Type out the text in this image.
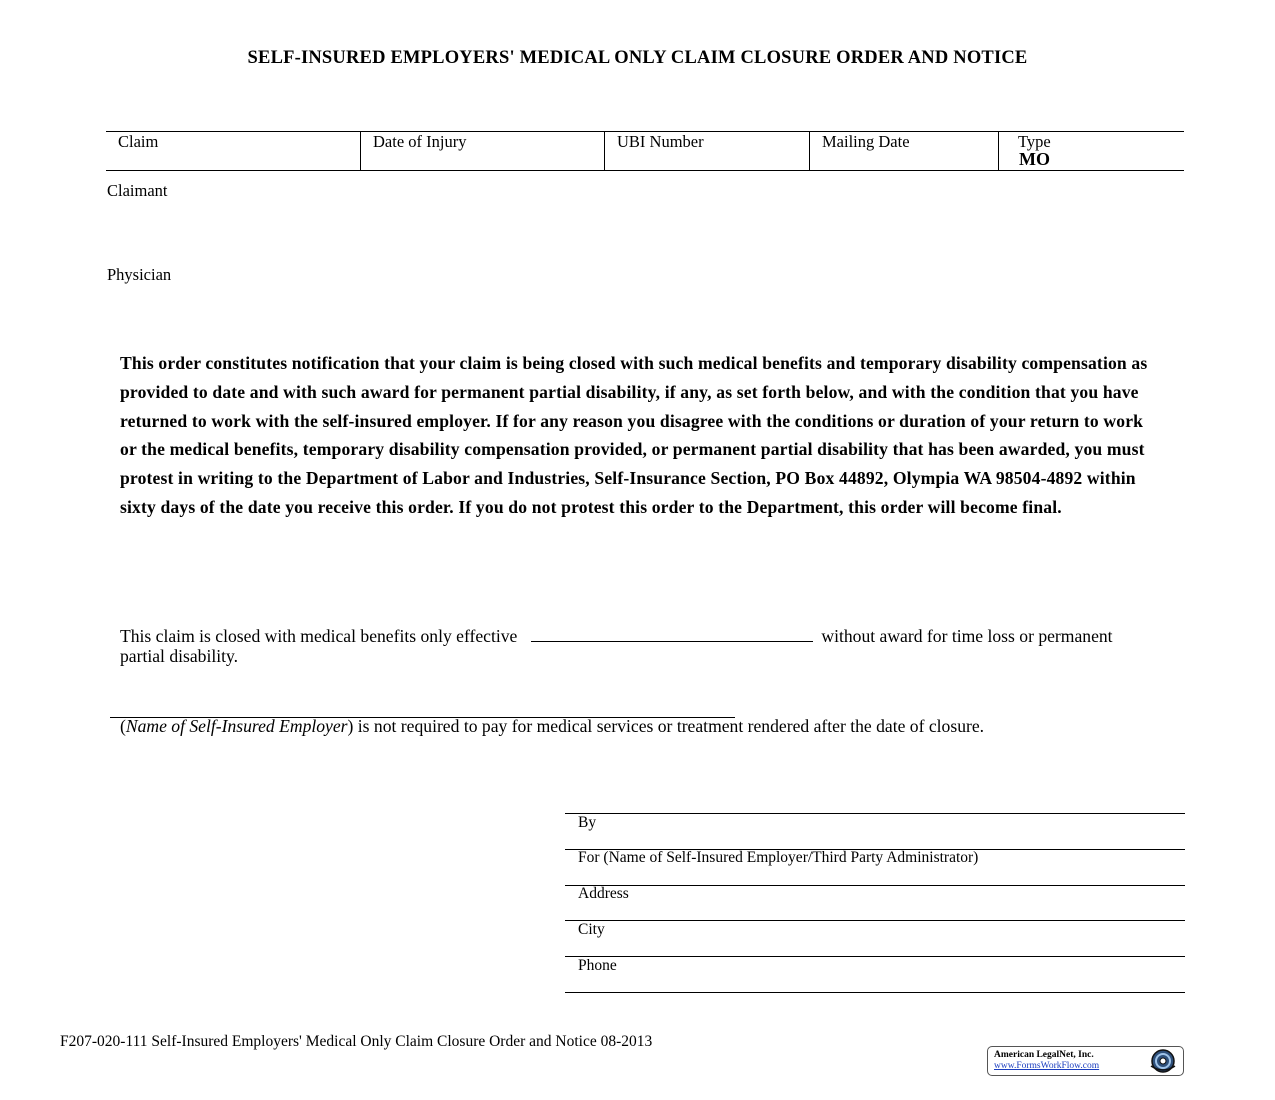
SELF-INSURED EMPLOYERS' MEDICAL ONLY CLAIM CLOSURE ORDER AND NOTICE
Claim	Date of Injury	UBI Number	Mailing Date	Type
MO
Claimant
Physician
This order constitutes notification that your claim is being closed with such medical benefits and temporary disability compensation as provided to date and with such award for permanent partial disability, if any, as set forth below, and with the condition that you have returned to work with the self-insured employer. If for any reason you disagree with the conditions or duration of your return to work or the medical benefits, temporary disability compensation provided, or permanent partial disability that has been awarded, you must protest in writing to the Department of Labor and Industries, Self-Insurance Section, PO Box 44892, Olympia WA 98504-4892 within sixty days of the date you receive this order. If you do not protest this order to the Department, this order will become final.
This claim is closed with medical benefits only effective	without award for time loss or permanent partial disability.
(Name of Self-Insured Employer) is not required to pay for medical services or treatment rendered after the date of closure.
By
For (Name of Self-Insured Employer/Third Party Administrator)
Address
City
Phone
F207-020-111 Self-Insured Employers' Medical Only Claim Closure Order and Notice 08-2013
American LegalNet, Inc.
www.FormsWorkFlow.com
